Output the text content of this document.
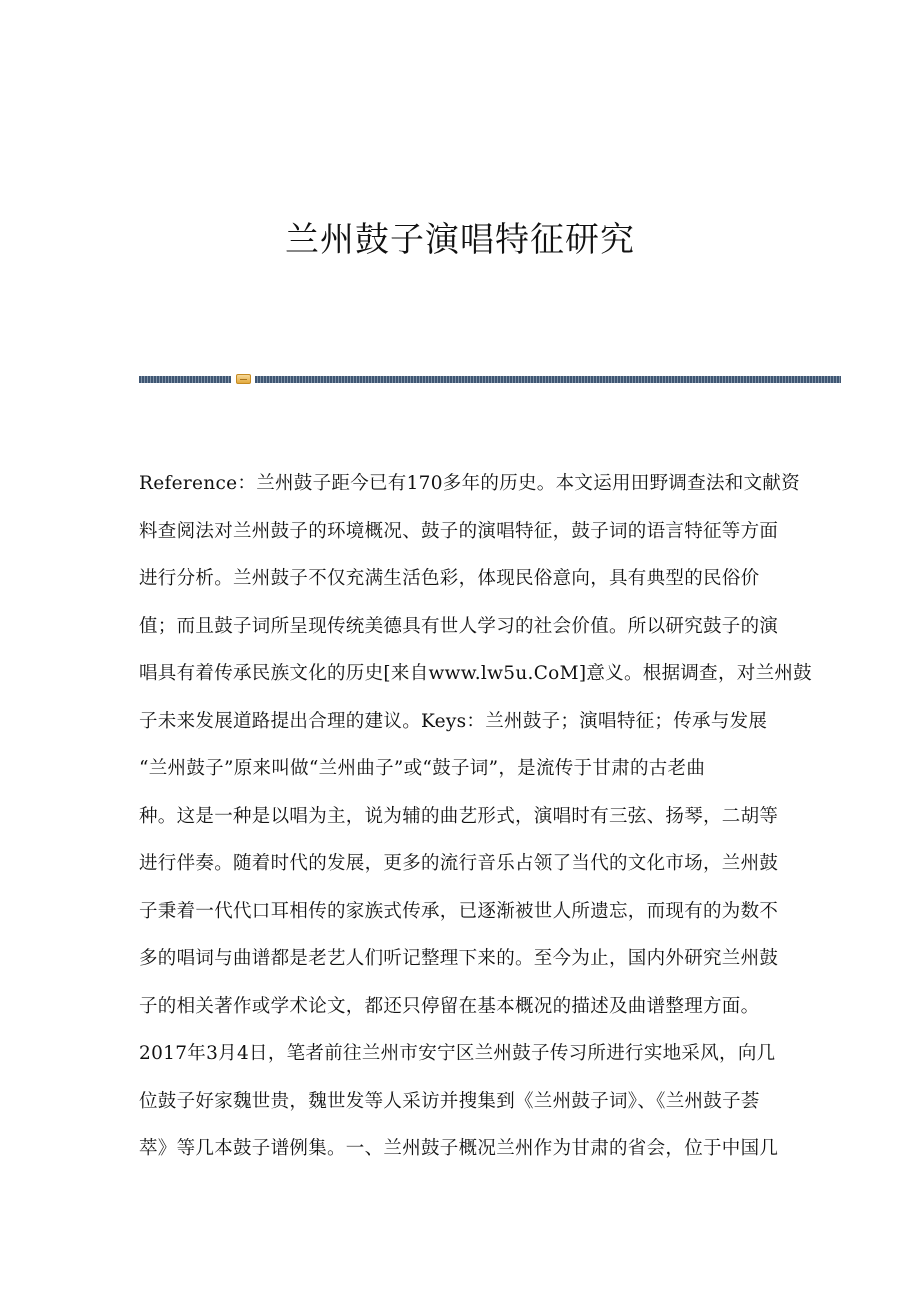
兰州鼓子演唱特征研究
Reference：兰州鼓子距今已有170多年的历史。本文运用田野调查法和文献资
料查阅法对兰州鼓子的环境概况、鼓子的演唱特征，鼓子词的语言特征等方面
进行分析。兰州鼓子不仅充满生活色彩，体现民俗意向，具有典型的民俗价
值；而且鼓子词所呈现传统美德具有世人学习的社会价值。所以研究鼓子的演
唱具有着传承民族文化的历史[来自www.lw5u.CoM]意义。根据调查，对兰州鼓
子未来发展道路提出合理的建议。Keys：兰州鼓子；演唱特征；传承与发展
“兰州鼓子”原来叫做“兰州曲子”或“鼓子词”，是流传于甘肃的古老曲
种。这是一种是以唱为主，说为辅的曲艺形式，演唱时有三弦、扬琴，二胡等
进行伴奏。随着时代的发展，更多的流行音乐占领了当代的文化市场，兰州鼓
子秉着一代代口耳相传的家族式传承，已逐渐被世人所遗忘，而现有的为数不
多的唱词与曲谱都是老艺人们听记整理下来的。至今为止，国内外研究兰州鼓
子的相关著作或学术论文，都还只停留在基本概况的描述及曲谱整理方面。
2017年3月4日，笔者前往兰州市安宁区兰州鼓子传习所进行实地采风，向几
位鼓子好家魏世贵，魏世发等人采访并搜集到《兰州鼓子词》、《兰州鼓子荟
萃》等几本鼓子谱例集。一、兰州鼓子概况兰州作为甘肃的省会，位于中国几
